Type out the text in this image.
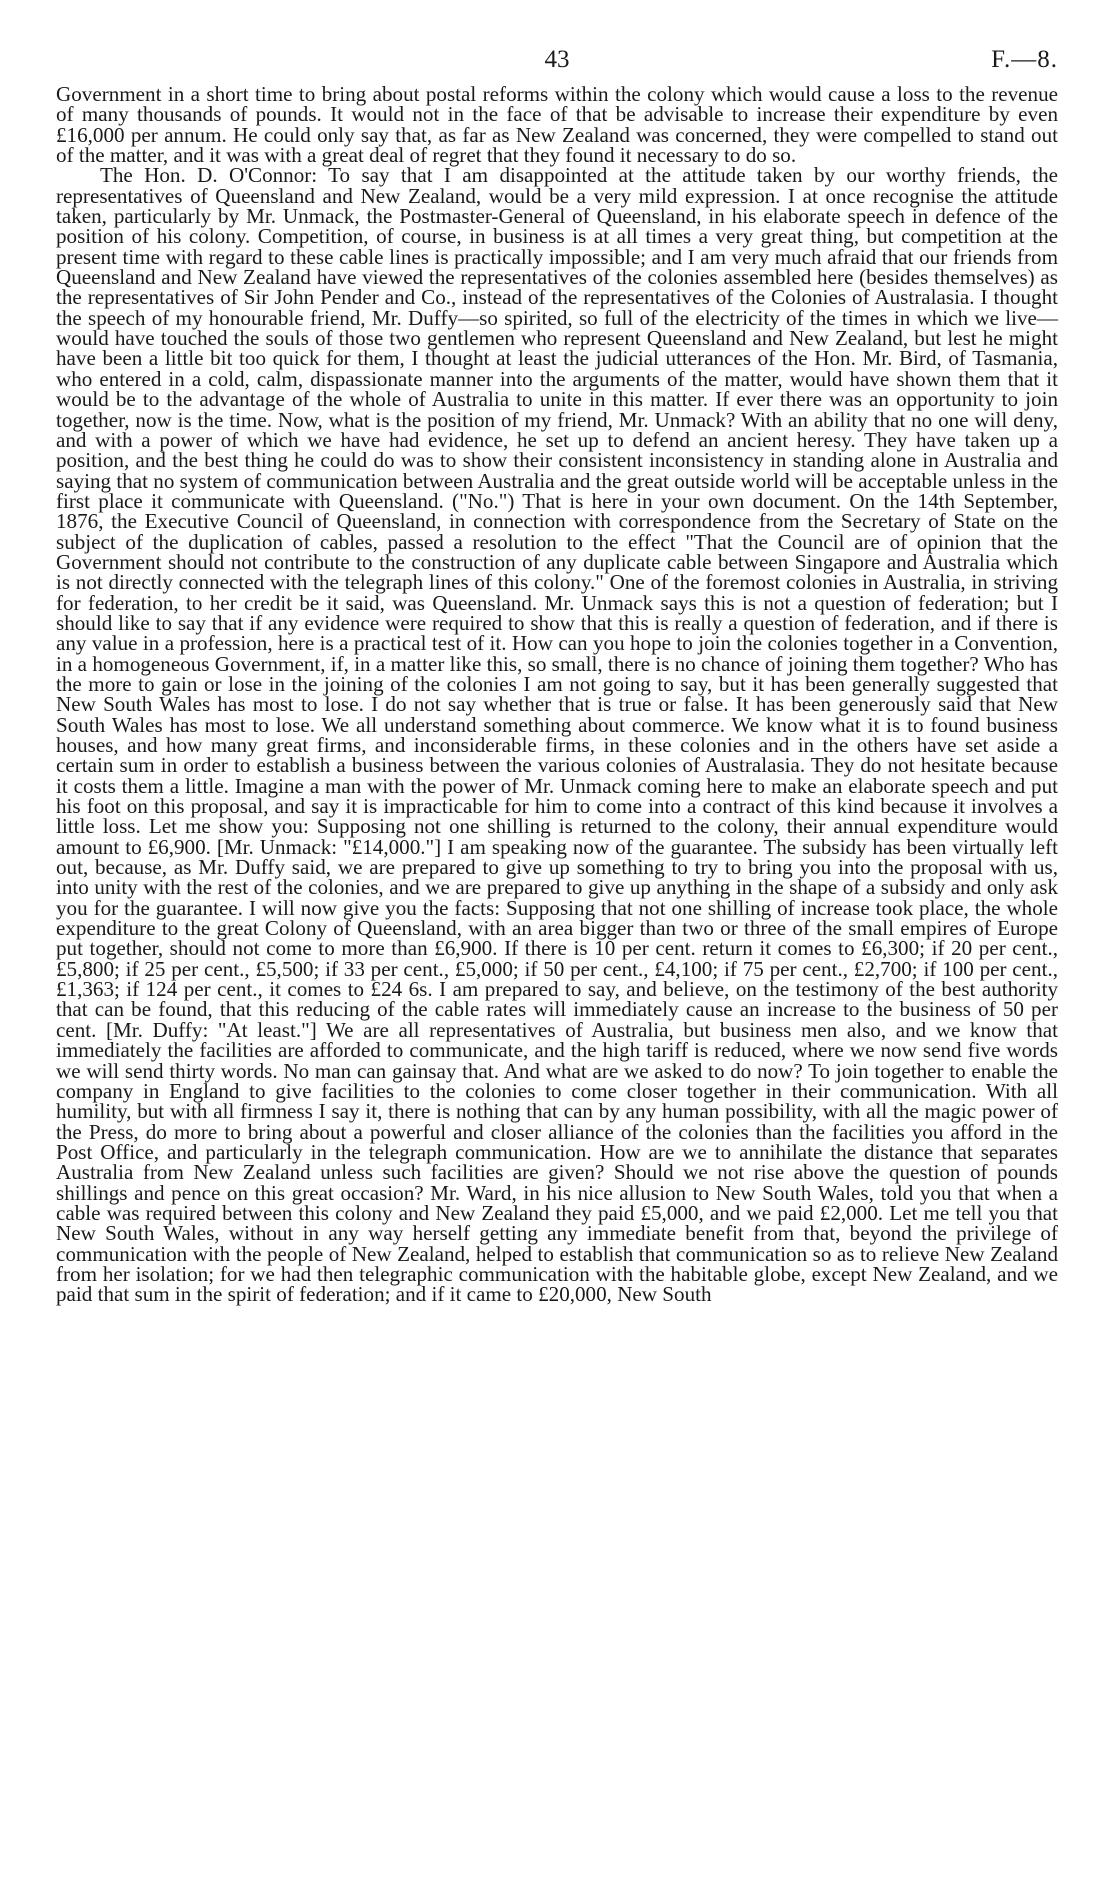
43	F.—8.

Government in a short time to bring about postal reforms within the colony which would cause a loss to the revenue of many thousands of pounds. It would not in the face of that be advisable to increase their expenditure by even £16,000 per annum. He could only say that, as far as New Zealand was concerned, they were compelled to stand out of the matter, and it was with a great deal of regret that they found it necessary to do so.

The Hon. D. O'Connor: To say that I am disappointed at the attitude taken by our worthy friends, the representatives of Queensland and New Zealand, would be a very mild expression. I at once recognise the attitude taken, particularly by Mr. Unmack, the Postmaster-General of Queensland, in his elaborate speech in defence of the position of his colony. Competition, of course, in business is at all times a very great thing, but competition at the present time with regard to these cable lines is practically impossible; and I am very much afraid that our friends from Queensland and New Zealand have viewed the representatives of the colonies assembled here (besides themselves) as the representatives of Sir John Pender and Co., instead of the representatives of the Colonies of Australasia. I thought the speech of my honourable friend, Mr. Duffy—so spirited, so full of the electricity of the times in which we live—would have touched the souls of those two gentlemen who represent Queensland and New Zealand, but lest he might have been a little bit too quick for them, I thought at least the judicial utterances of the Hon. Mr. Bird, of Tasmania, who entered in a cold, calm, dispassionate manner into the arguments of the matter, would have shown them that it would be to the advantage of the whole of Australia to unite in this matter. If ever there was an opportunity to join together, now is the time. Now, what is the position of my friend, Mr. Unmack? With an ability that no one will deny, and with a power of which we have had evidence, he set up to defend an ancient heresy. They have taken up a position, and the best thing he could do was to show their consistent inconsistency in standing alone in Australia and saying that no system of communication between Australia and the great outside world will be acceptable unless in the first place it communicate with Queensland. ("No.") That is here in your own document. On the 14th September, 1876, the Executive Council of Queensland, in connection with correspondence from the Secretary of State on the subject of the duplication of cables, passed a resolution to the effect "That the Council are of opinion that the Government should not contribute to the construction of any duplicate cable between Singapore and Australia which is not directly connected with the telegraph lines of this colony." One of the foremost colonies in Australia, in striving for federation, to her credit be it said, was Queensland. Mr. Unmack says this is not a question of federation; but I should like to say that if any evidence were required to show that this is really a question of federation, and if there is any value in a profession, here is a practical test of it. How can you hope to join the colonies together in a Convention, in a homogeneous Government, if, in a matter like this, so small, there is no chance of joining them together? Who has the more to gain or lose in the joining of the colonies I am not going to say, but it has been generally suggested that New South Wales has most to lose. I do not say whether that is true or false. It has been generously said that New South Wales has most to lose. We all understand something about commerce. We know what it is to found business houses, and how many great firms, and inconsiderable firms, in these colonies and in the others have set aside a certain sum in order to establish a business between the various colonies of Australasia. They do not hesitate because it costs them a little. Imagine a man with the power of Mr. Unmack coming here to make an elaborate speech and put his foot on this proposal, and say it is impracticable for him to come into a contract of this kind because it involves a little loss. Let me show you: Supposing not one shilling is returned to the colony, their annual expenditure would amount to £6,900. [Mr. Unmack: "£14,000."] I am speaking now of the guarantee. The subsidy has been virtually left out, because, as Mr. Duffy said, we are prepared to give up something to try to bring you into the proposal with us, into unity with the rest of the colonies, and we are prepared to give up anything in the shape of a subsidy and only ask you for the guarantee. I will now give you the facts: Supposing that not one shilling of increase took place, the whole expenditure to the great Colony of Queensland, with an area bigger than two or three of the small empires of Europe put together, should not come to more than £6,900. If there is 10 per cent. return it comes to £6,300; if 20 per cent., £5,800; if 25 per cent., £5,500; if 33 per cent., £5,000; if 50 per cent., £4,100; if 75 per cent., £2,700; if 100 per cent., £1,363; if 124 per cent., it comes to £24 6s. I am prepared to say, and believe, on the testimony of the best authority that can be found, that this reducing of the cable rates will immediately cause an increase to the business of 50 per cent. [Mr. Duffy: "At least."] We are all representatives of Australia, but business men also, and we know that immediately the facilities are afforded to communicate, and the high tariff is reduced, where we now send five words we will send thirty words. No man can gainsay that. And what are we asked to do now? To join together to enable the company in England to give facilities to the colonies to come closer together in their communication. With all humility, but with all firmness I say it, there is nothing that can by any human possibility, with all the magic power of the Press, do more to bring about a powerful and closer alliance of the colonies than the facilities you afford in the Post Office, and particularly in the telegraph communication. How are we to annihilate the distance that separates Australia from New Zealand unless such facilities are given? Should we not rise above the question of pounds shillings and pence on this great occasion? Mr. Ward, in his nice allusion to New South Wales, told you that when a cable was required between this colony and New Zealand they paid £5,000, and we paid £2,000. Let me tell you that New South Wales, without in any way herself getting any immediate benefit from that, beyond the privilege of communication with the people of New Zealand, helped to establish that communication so as to relieve New Zealand from her isolation; for we had then telegraphic communication with the habitable globe, except New Zealand, and we paid that sum in the spirit of federation; and if it came to £20,000, New South
